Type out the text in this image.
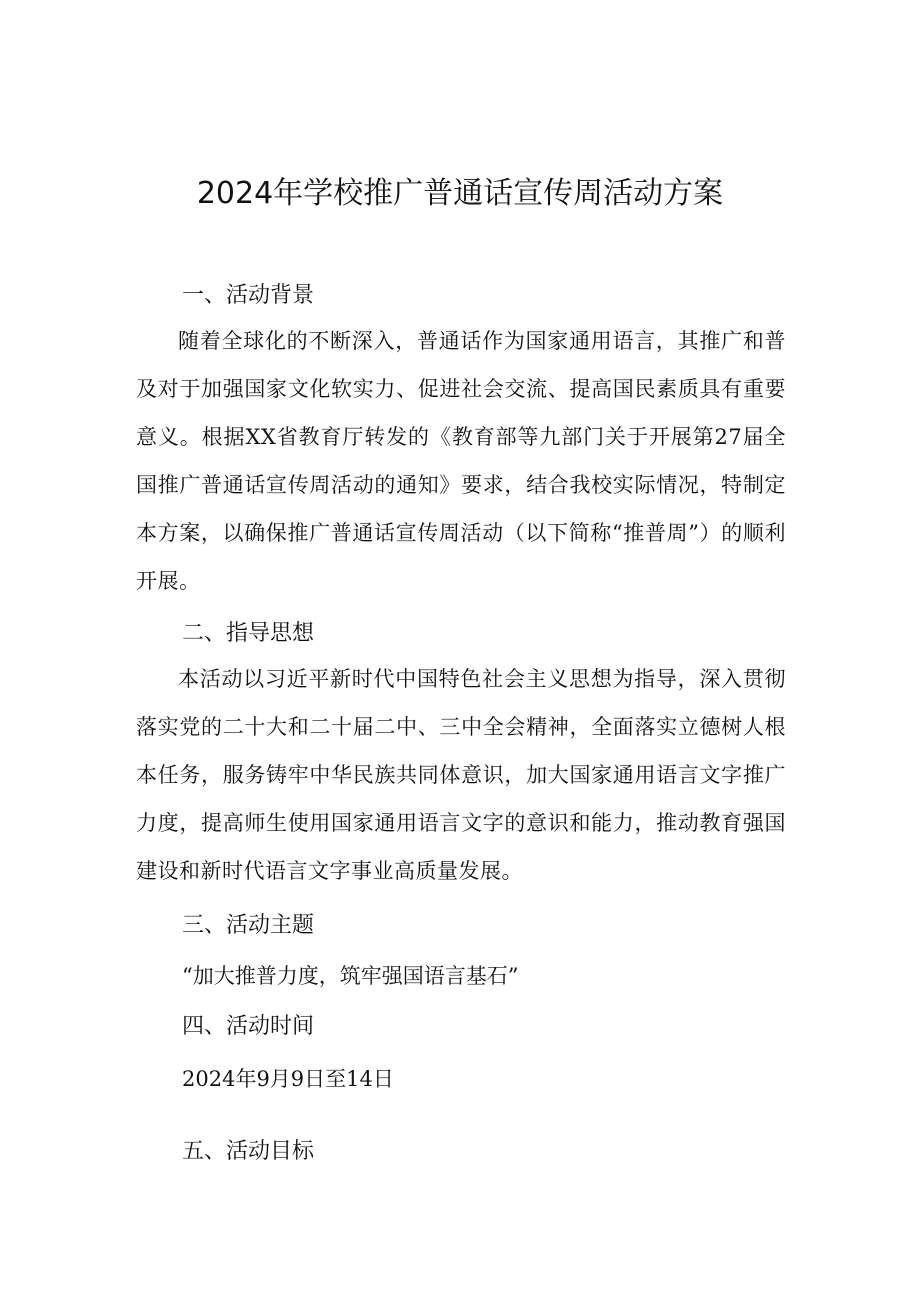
2024年学校推广普通话宣传周活动方案
一、活动背景

随着全球化的不断深入，普通话作为国家通用语言，其推广和普及对于加强国家文化软实力、促进社会交流、提高国民素质具有重要意义。根据XX省教育厅转发的《教育部等九部门关于开展第27届全国推广普通话宣传周活动的通知》要求，结合我校实际情况，特制定本方案，以确保推广普通话宣传周活动（以下简称“推普周”）的顺利开展。

二、指导思想

本活动以习近平新时代中国特色社会主义思想为指导，深入贯彻落实党的二十大和二十届二中、三中全会精神，全面落实立德树人根本任务，服务铸牢中华民族共同体意识，加大国家通用语言文字推广力度，提高师生使用国家通用语言文字的意识和能力，推动教育强国建设和新时代语言文字事业高质量发展。

三、活动主题

“加大推普力度，筑牢强国语言基石”

四、活动时间

2024年9月9日至14日

五、活动目标
